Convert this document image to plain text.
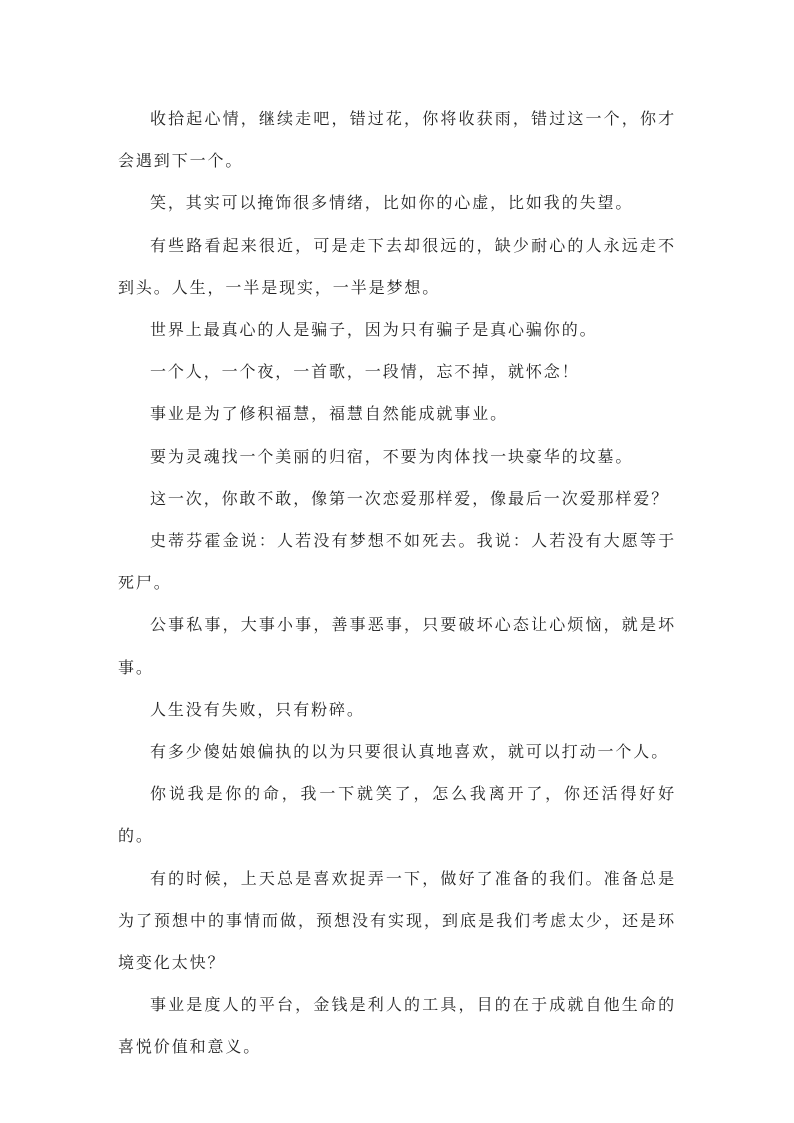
收拾起心情，继续走吧，错过花，你将收获雨，错过这一个，你才会遇到下一个。

笑，其实可以掩饰很多情绪，比如你的心虚，比如我的失望。

有些路看起来很近，可是走下去却很远的，缺少耐心的人永远走不到头。人生，一半是现实，一半是梦想。

世界上最真心的人是骗子，因为只有骗子是真心骗你的。

一个人，一个夜，一首歌，一段情，忘不掉，就怀念！

事业是为了修积福慧，福慧自然能成就事业。

要为灵魂找一个美丽的归宿，不要为肉体找一块豪华的坟墓。

这一次，你敢不敢，像第一次恋爱那样爱，像最后一次爱那样爱？

史蒂芬霍金说：人若没有梦想不如死去。我说：人若没有大愿等于死尸。

公事私事，大事小事，善事恶事，只要破坏心态让心烦恼，就是坏事。

人生没有失败，只有粉碎。

有多少傻姑娘偏执的以为只要很认真地喜欢，就可以打动一个人。

你说我是你的命，我一下就笑了，怎么我离开了，你还活得好好的。

有的时候，上天总是喜欢捉弄一下，做好了准备的我们。准备总是为了预想中的事情而做，预想没有实现，到底是我们考虑太少，还是环境变化太快？

事业是度人的平台，金钱是利人的工具，目的在于成就自他生命的喜悦价值和意义。
